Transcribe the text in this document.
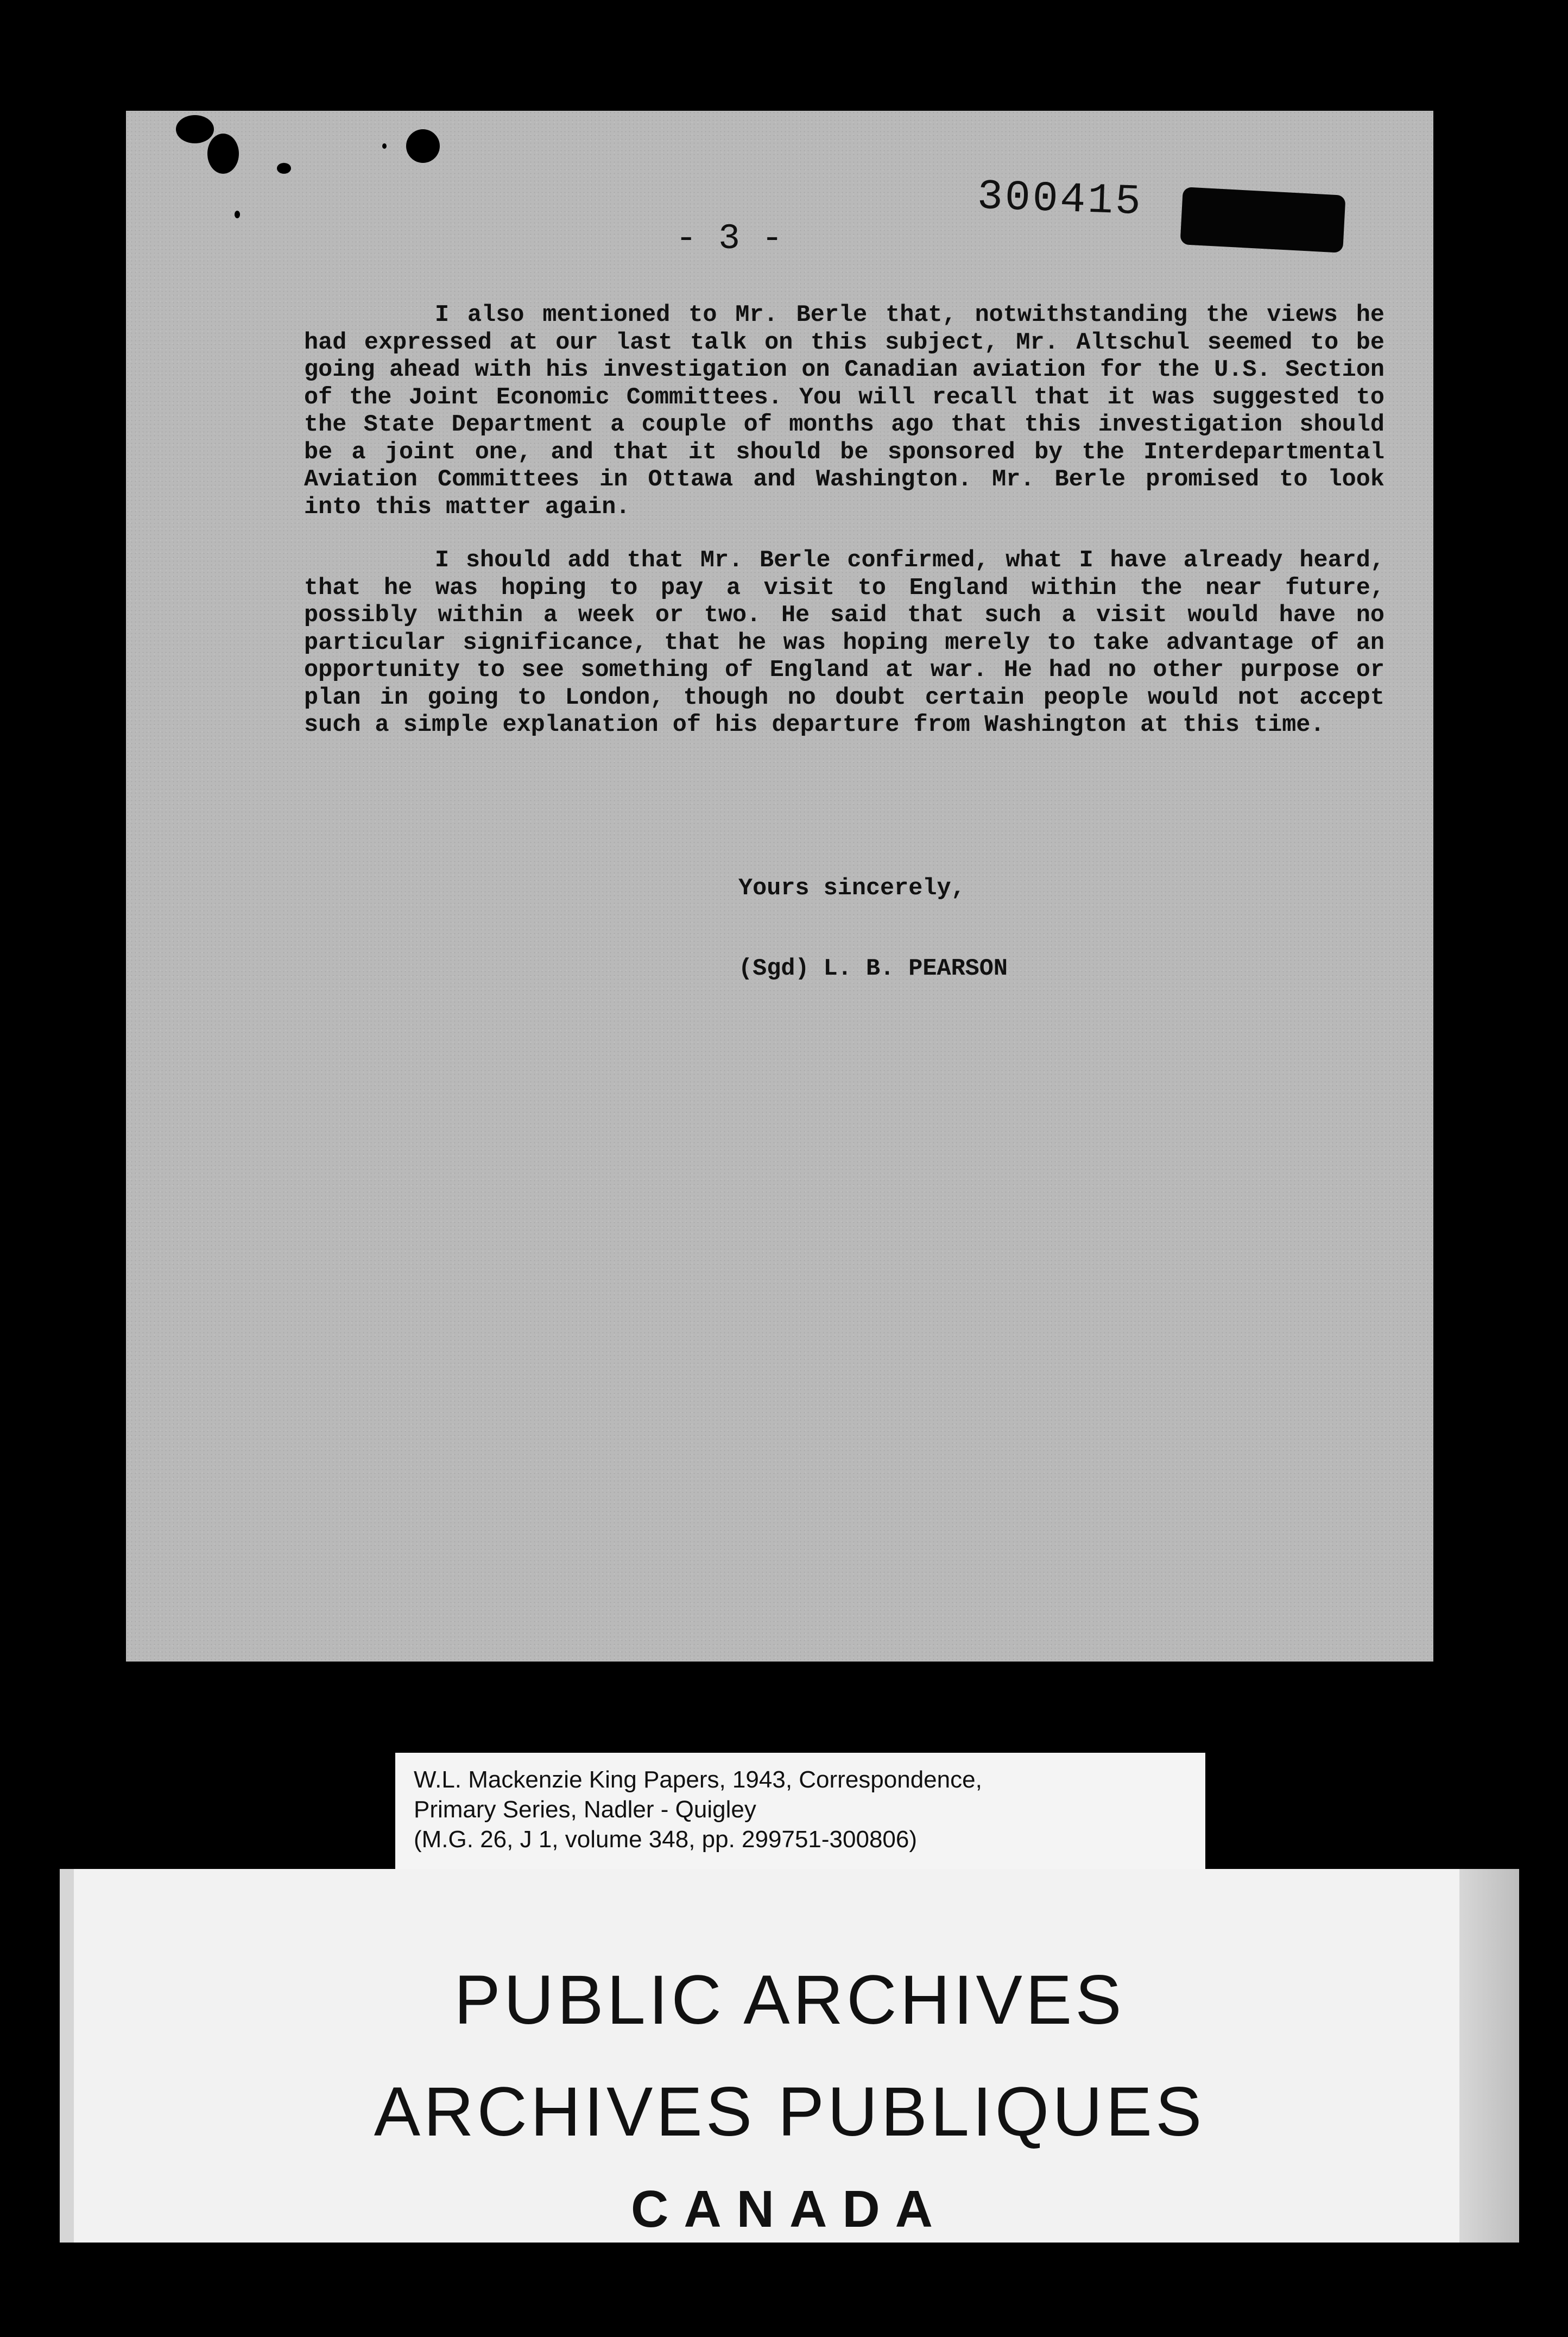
- 3 -
300415

I also mentioned to Mr. Berle that, notwithstanding the views he had expressed at our last talk on this subject, Mr. Altschul seemed to be going ahead with his investigation on Canadian aviation for the U.S. Section of the Joint Economic Committees. You will recall that it was suggested to the State Department a couple of months ago that this investigation should be a joint one, and that it should be sponsored by the Interdepartmental Aviation Committees in Ottawa and Washington. Mr. Berle promised to look into this matter again.

I should add that Mr. Berle confirmed, what I have already heard, that he was hoping to pay a visit to England within the near future, possibly within a week or two. He said that such a visit would have no particular significance, that he was hoping merely to take advantage of an opportunity to see something of England at war. He had no other purpose or plan in going to London, though no doubt certain people would not accept such a simple explanation of his departure from Washington at this time.

Yours sincerely,
(Sgd) L. B. PEARSON
W.L. Mackenzie King Papers, 1943, Correspondence,
Primary Series, Nadler - Quigley
(M.G. 26, J 1, volume 348, pp. 299751-300806)
PUBLIC ARCHIVES
ARCHIVES PUBLIQUES
CANADA
